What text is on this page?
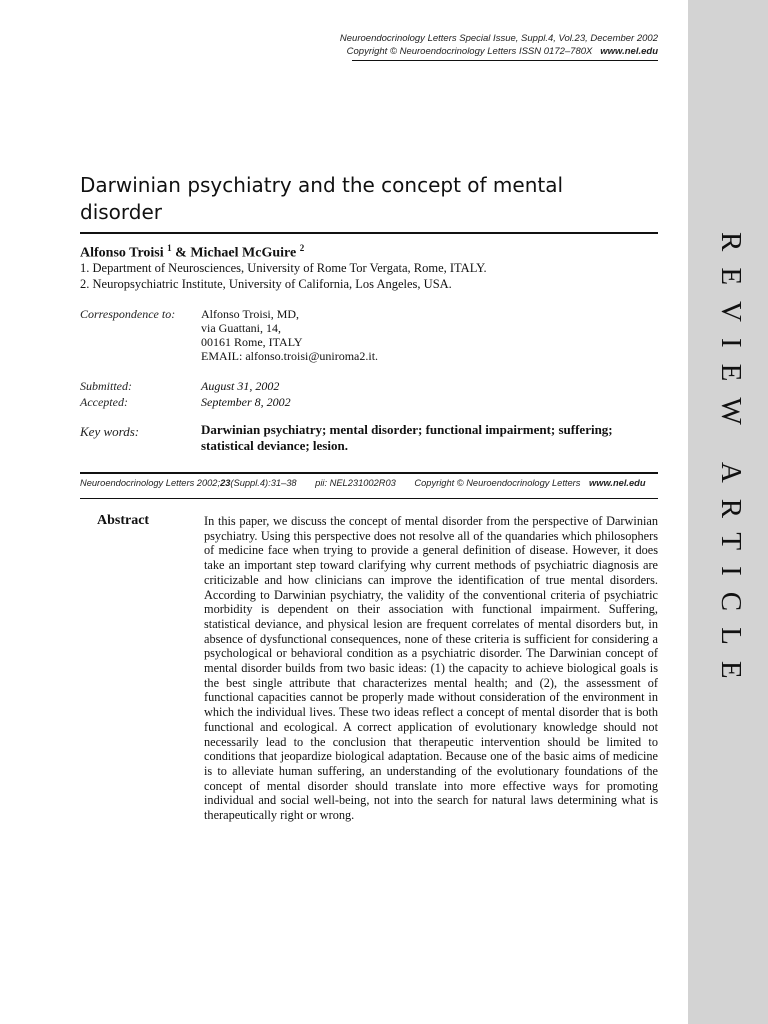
REVIEW ARTICLE
Neuroendocrinology Letters Special Issue, Suppl.4, Vol.23, December 2002
Copyright © Neuroendocrinology Letters ISSN 0172–780X www.nel.edu
Darwinian psychiatry and the concept of mental disorder
Alfonso Troisi $^1$ & Michael McGuire $^2$
1. Department of Neurosciences, University of Rome Tor Vergata, Rome, ITALY.
2. Neuropsychiatric Institute, University of California, Los Angeles, USA.
Correspondence to: Alfonso Troisi, MD,
via Guattani, 14,
00161 Rome, ITALY
EMAIL: alfonso.troisi@uniroma2.it.
Submitted:	August 31, 2002
Accepted:	September 8, 2002
Key words:	Darwinian psychiatry; mental disorder; functional impairment; suffering; statistical deviance; lesion.
Neuroendocrinology Letters 2002;23(Suppl.4):31–38 pii: NEL231002R03 Copyright © Neuroendocrinology Letters www.nel.edu
Abstract	In this paper, we discuss the concept of mental disorder from the perspective of Darwinian psychiatry. Using this perspective does not resolve all of the quandaries which philosophers of medicine face when trying to provide a general definition of disease. However, it does take an important step toward clarifying why current methods of psychiatric diagnosis are criticizable and how clinicians can improve the identification of true mental disorders. According to Darwinian psychiatry, the validity of the conventional criteria of psychiatric morbidity is dependent on their association with functional impairment. Suffering, statistical deviance, and physical lesion are frequent correlates of mental disorders but, in absence of dysfunctional consequences, none of these criteria is sufficient for considering a psychological or behavioral condition as a psychiatric disorder. The Darwinian concept of mental disorder builds from two basic ideas: (1) the capacity to achieve biological goals is the best single attribute that characterizes mental health; and (2), the assessment of functional capacities cannot be properly made without consideration of the environment in which the individual lives. These two ideas reflect a concept of mental disorder that is both functional and ecological. A correct application of evolutionary knowledge should not necessarily lead to the conclusion that therapeutic intervention should be limited to conditions that jeopardize biological adaptation. Because one of the basic aims of medicine is to alleviate human suffering, an understanding of the evolutionary foundations of the concept of mental disorder should translate into more effective ways for promoting individual and social well-being, not into the search for natural laws determining what is therapeutically right or wrong.
